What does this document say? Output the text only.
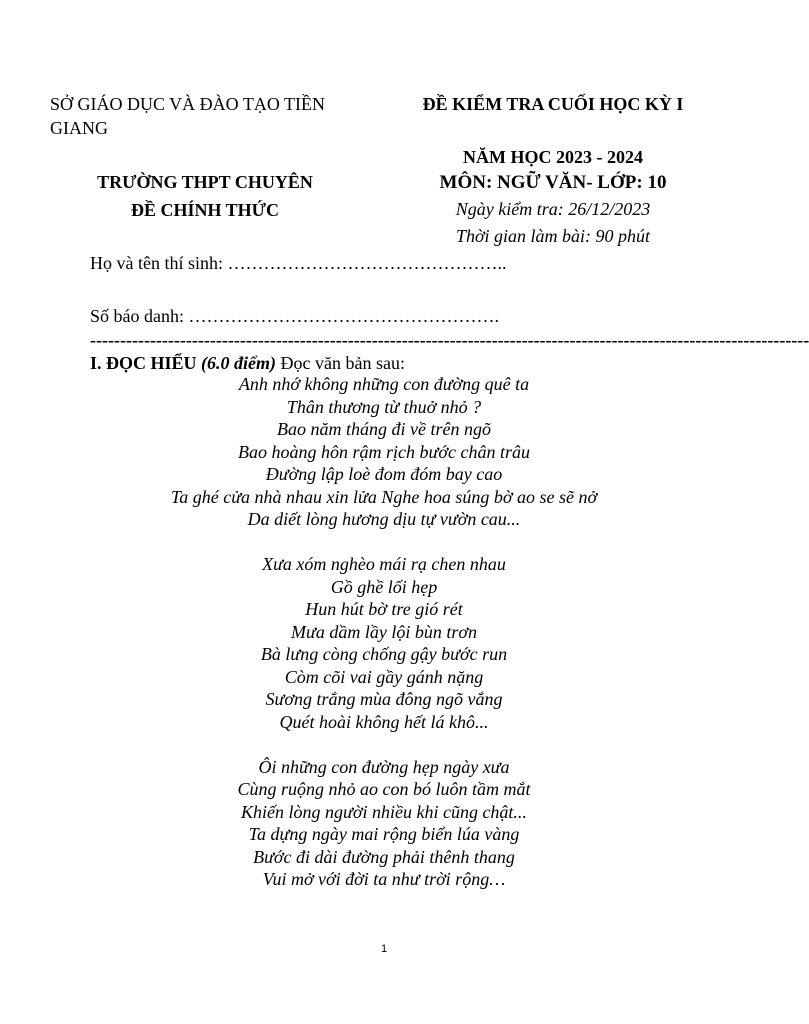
SỞ GIÁO DỤC VÀ ĐÀO TẠO TIỀN GIANG
TRƯỜNG THPT CHUYÊN
ĐỀ CHÍNH THỨC
ĐỀ KIỂM TRA CUỐI HỌC KỲ I
NĂM HỌC 2023 - 2024
MÔN: NGỮ VĂN- LỚP: 10
Ngày kiểm tra: 26/12/2023
Thời gian làm bài: 90 phút
Họ và tên thí sinh: ………………………………………..
Số báo danh: …………………………………………….
------------------------------------------------------------------------------------------------------------------------
I. ĐỌC HIỂU (6.0 điểm) Đọc văn bản sau:
Anh nhớ không những con đường quê ta
Thân thương từ thuở nhỏ ?
Bao năm tháng đi về trên ngõ
Bao hoàng hôn rậm rịch bước chân trâu
Đường lập loè đom đóm bay cao
Ta ghé cửa nhà nhau xin lửa Nghe hoa súng bờ ao se sẽ nở
Da diết lòng hương dịu tự vườn cau...
Xưa xóm nghèo mái rạ chen nhau
Gồ ghề lối hẹp
Hun hút bờ tre gió rét
Mưa dầm lầy lội bùn trơn
Bà lưng còng chống gậy bước run
Còm cõi vai gầy gánh nặng
Sương trắng mùa đông ngõ vắng
Quét hoài không hết lá khô...
Ôi những con đường hẹp ngày xưa
Cùng ruộng nhỏ ao con bó luôn tầm mắt
Khiến lòng người nhiều khi cũng chật...
Ta dựng ngày mai rộng biển lúa vàng
Bước đi dài đường phải thênh thang
Vui mở với đời ta như trời rộng…
1
